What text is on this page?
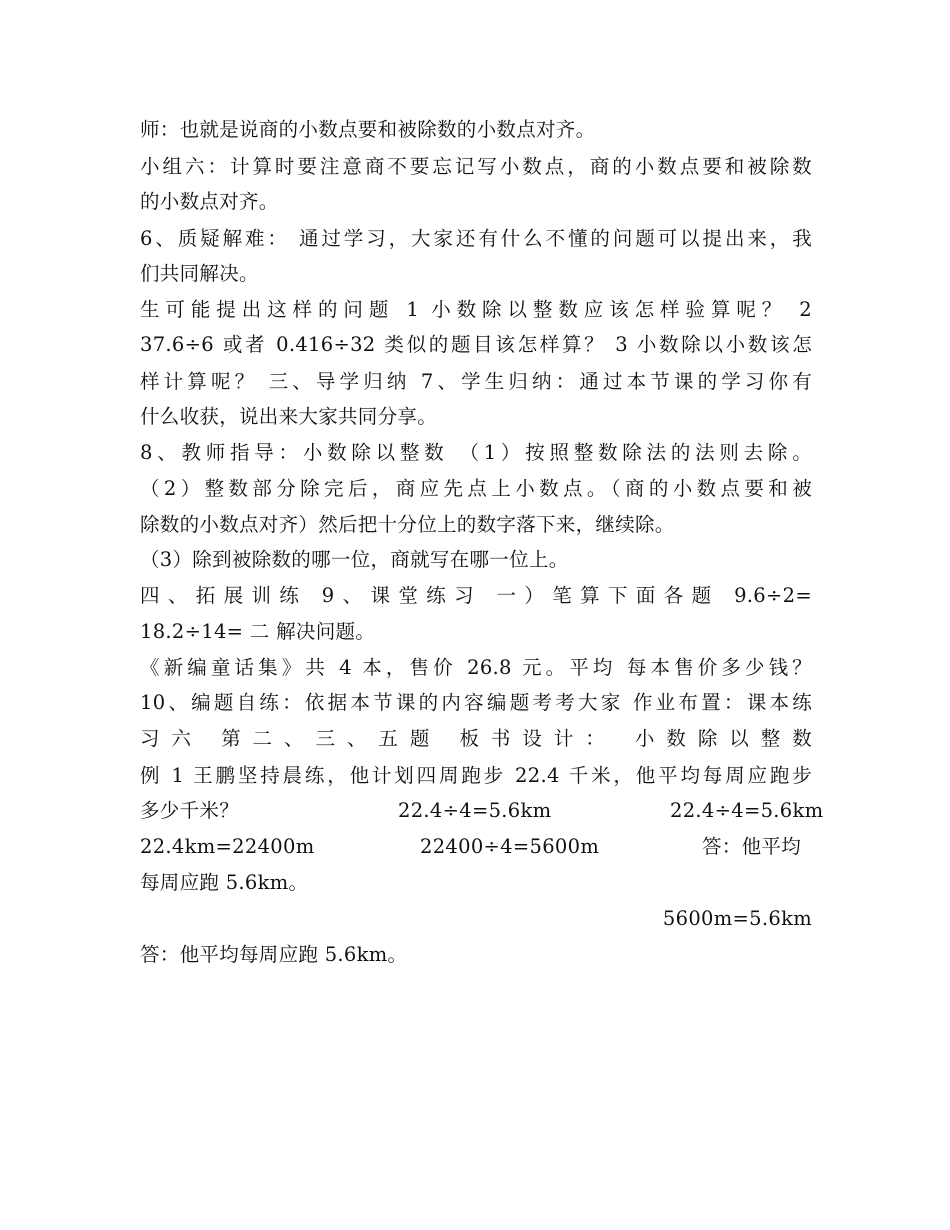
师：也就是说商的小数点要和被除数的小数点对齐。
小组六：计算时要注意商不要忘记写小数点，商的小数点要和被除数
的小数点对齐。
6、质疑解难： 通过学习，大家还有什么不懂的问题可以提出来，我
们共同解决。
生可能提出这样的问题 1 小数除以整数应该怎样验算呢？ 2
37.6÷6 或者 0.416÷32 类似的题目该怎样算？ 3 小数除以小数该怎
样计算呢？ 三、导学归纳 7、学生归纳：通过本节课的学习你有
什么收获，说出来大家共同分享。
8、教师指导：小数除以整数 （1）按照整数除法的法则去除。
（2）整数部分除完后，商应先点上小数点。（商的小数点要和被
除数的小数点对齐）然后把十分位上的数字落下来，继续除。
（3）除到被除数的哪一位，商就写在哪一位上。
四、拓展训练 9、课堂练习 一）笔算下面各题 9.6÷2=
18.2÷14= 二 解决问题。
《新编童话集》共 4 本，售价 26.8 元。平均 每本售价多少钱？
10、编题自练：依据本节课的内容编题考考大家 作业布置：课本练
习六 第二、三、五题 板书设计： 小数除以整数
例 1 王鹏坚持晨练，他计划四周跑步 22.4 千米，他平均每周应跑步
多少千米？	22.4÷4=5.6km	22.4÷4=5.6km
22.4km=22400m	22400÷4=5600m	答：他平均
每周应跑 5.6km。
5600m=5.6km
答：他平均每周应跑 5.6km。
